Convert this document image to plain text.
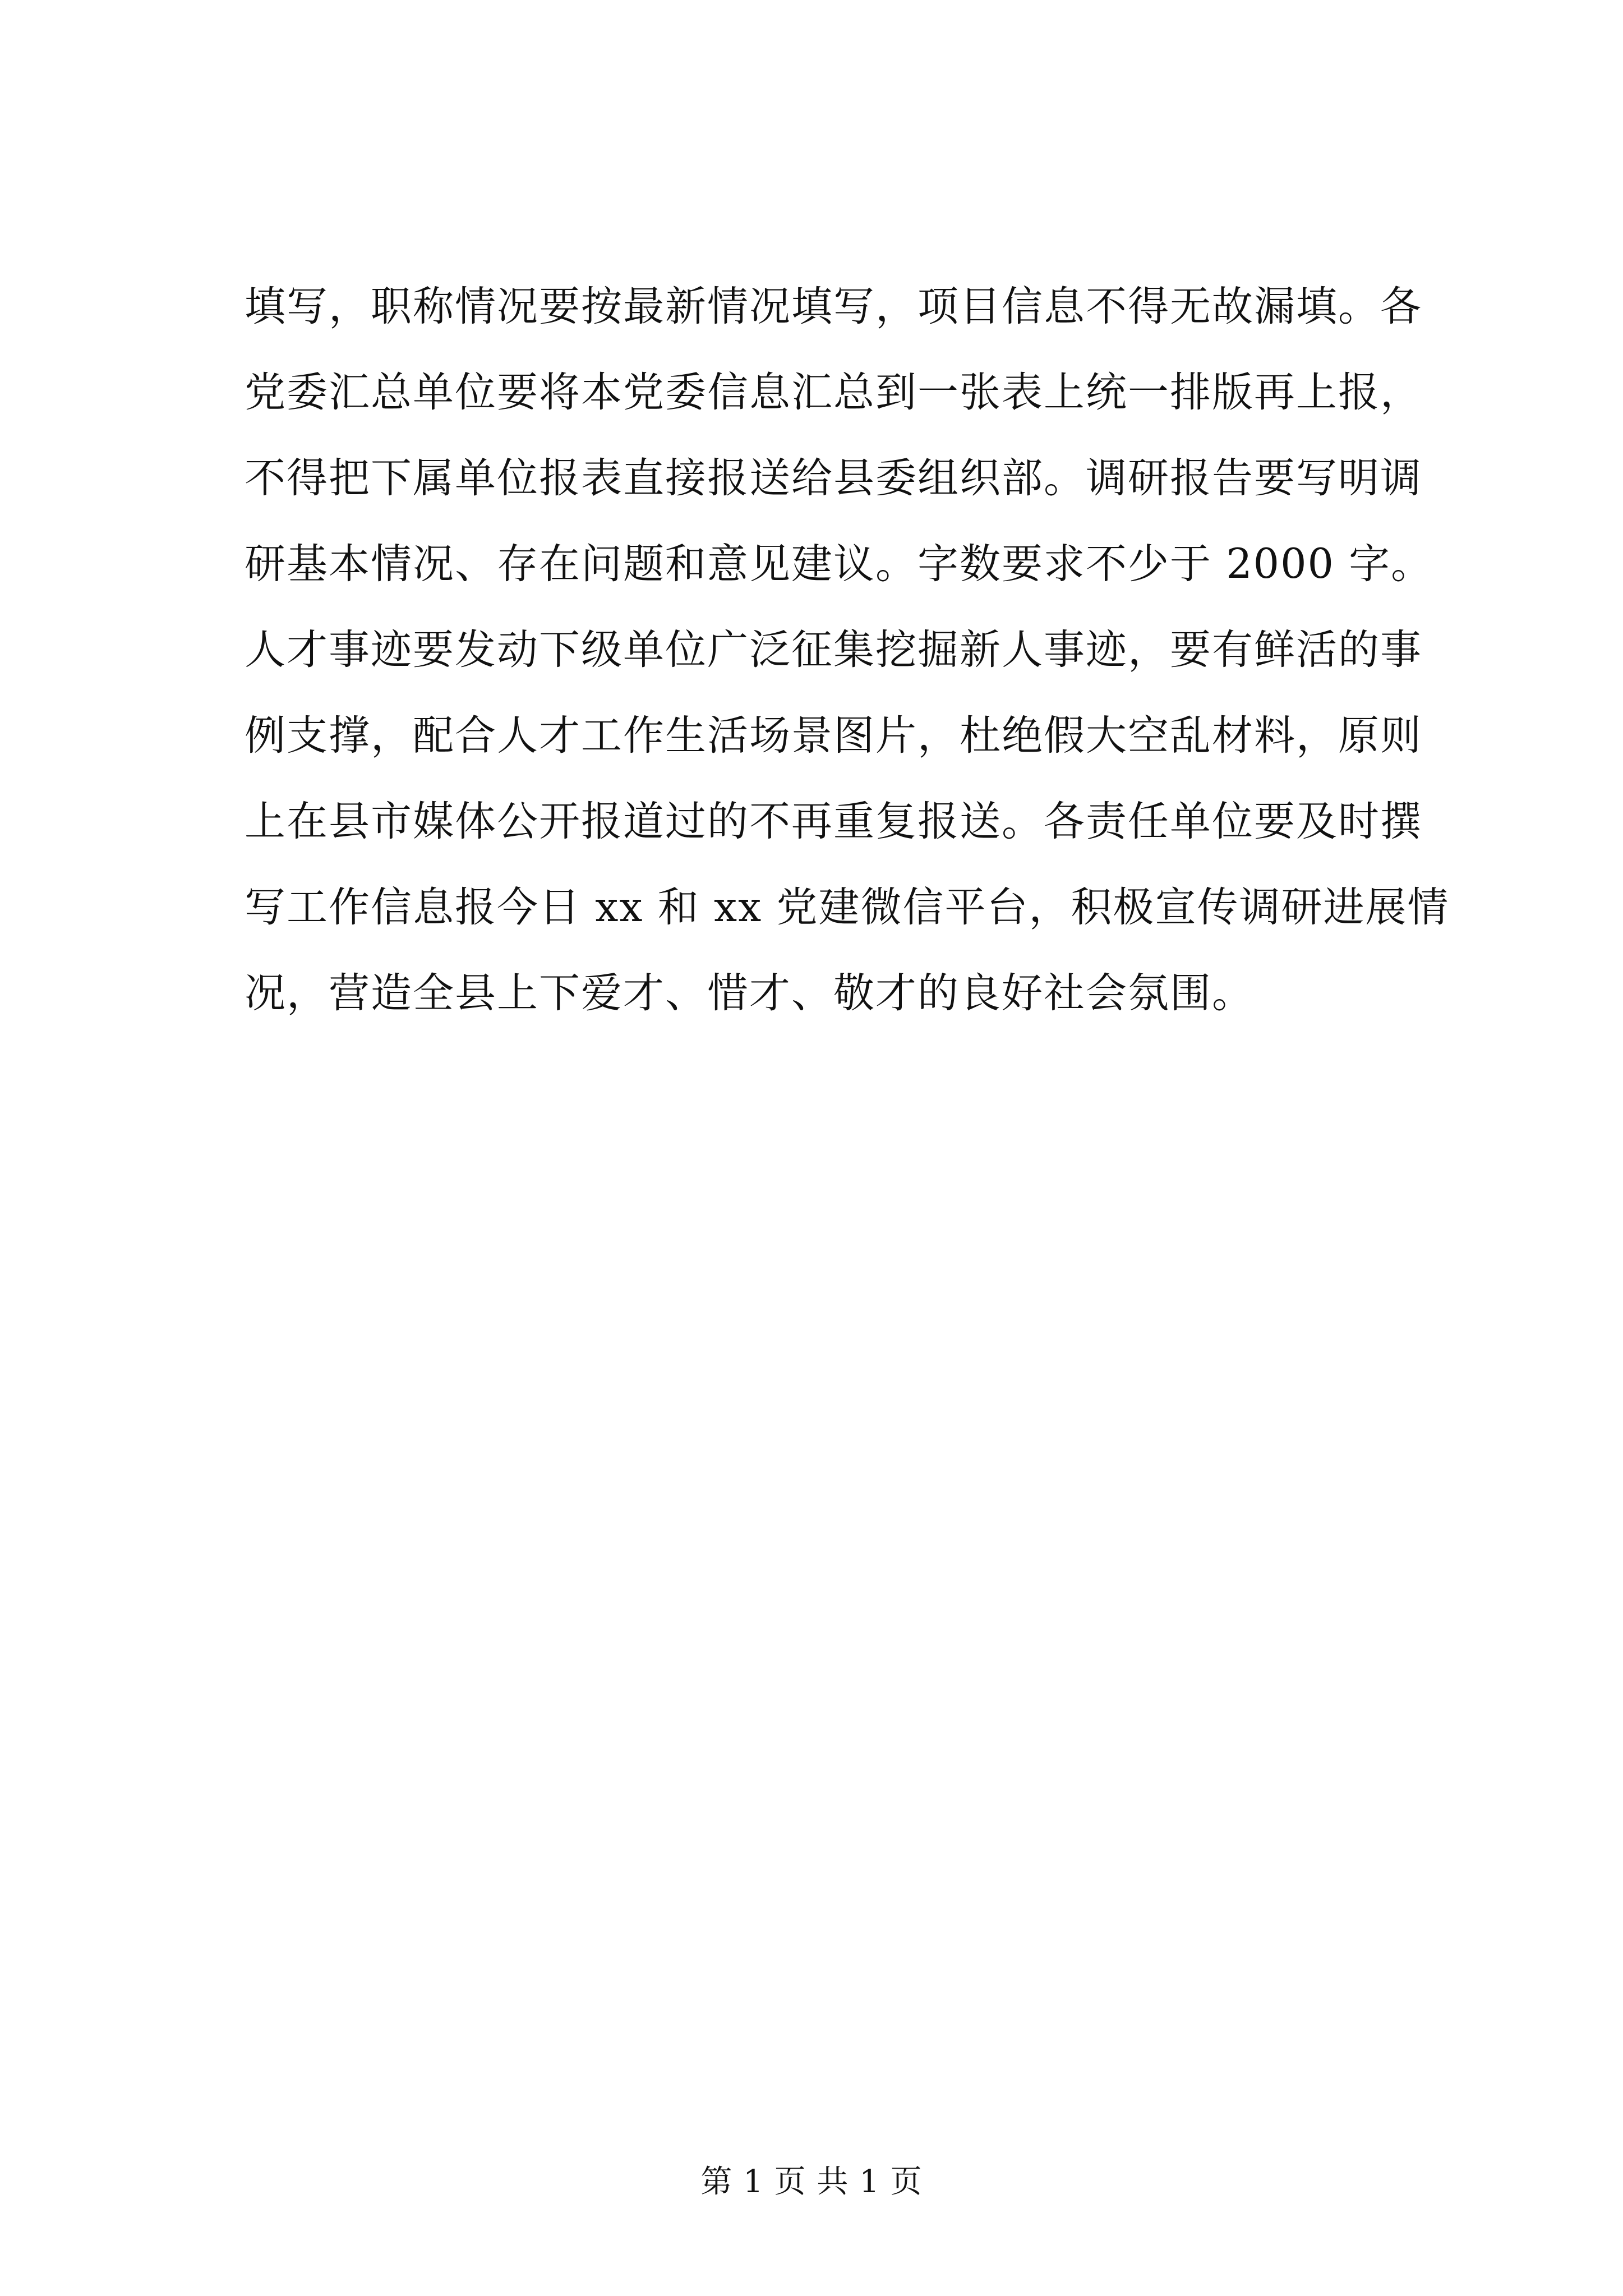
填写，职称情况要按最新情况填写，项目信息不得无故漏填。各
党委汇总单位要将本党委信息汇总到一张表上统一排版再上报，
不得把下属单位报表直接报送给县委组织部。调研报告要写明调
研基本情况、存在问题和意见建议。字数要求不少于 2000 字。
人才事迹要发动下级单位广泛征集挖掘新人事迹，要有鲜活的事
例支撑，配合人才工作生活场景图片，杜绝假大空乱材料，原则
上在县市媒体公开报道过的不再重复报送。各责任单位要及时撰
写工作信息报今日 xx 和 xx 党建微信平台，积极宣传调研进展情
况，营造全县上下爱才、惜才、敬才的良好社会氛围。
第 1 页 共 1 页
